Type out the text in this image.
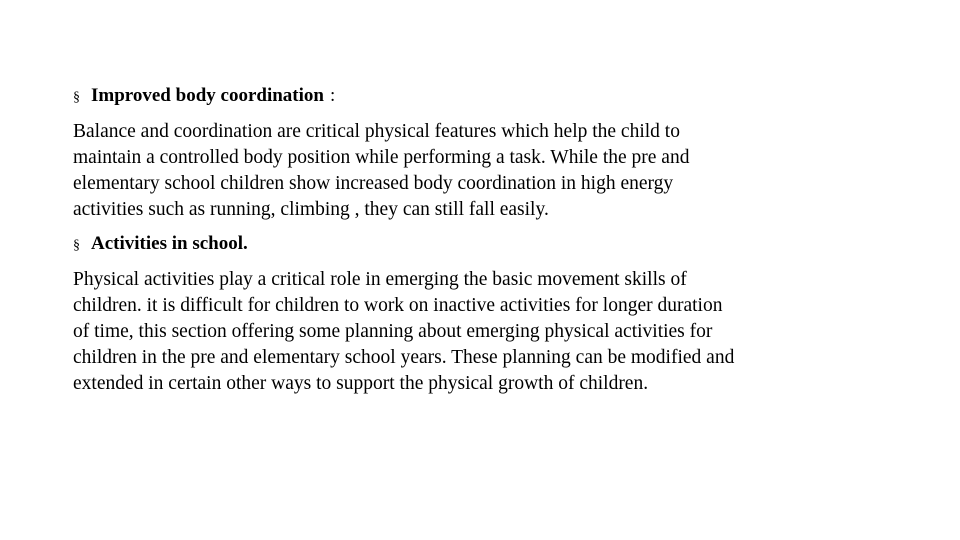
§ Improved body coordination :
Balance and coordination are critical physical features which help the child to
maintain a controlled body position while performing a task. While the pre and
elementary school children show increased body coordination in high energy
activities such as running, climbing , they can still fall easily.
§ Activities in school.
Physical activities play a critical role in emerging the basic movement skills of
children. it is difficult for children to work on inactive activities for longer duration
of time, this section offering some planning about emerging physical activities for
children in the pre and elementary school years. These planning can be modified and
extended in certain other ways to support the physical growth of children.
